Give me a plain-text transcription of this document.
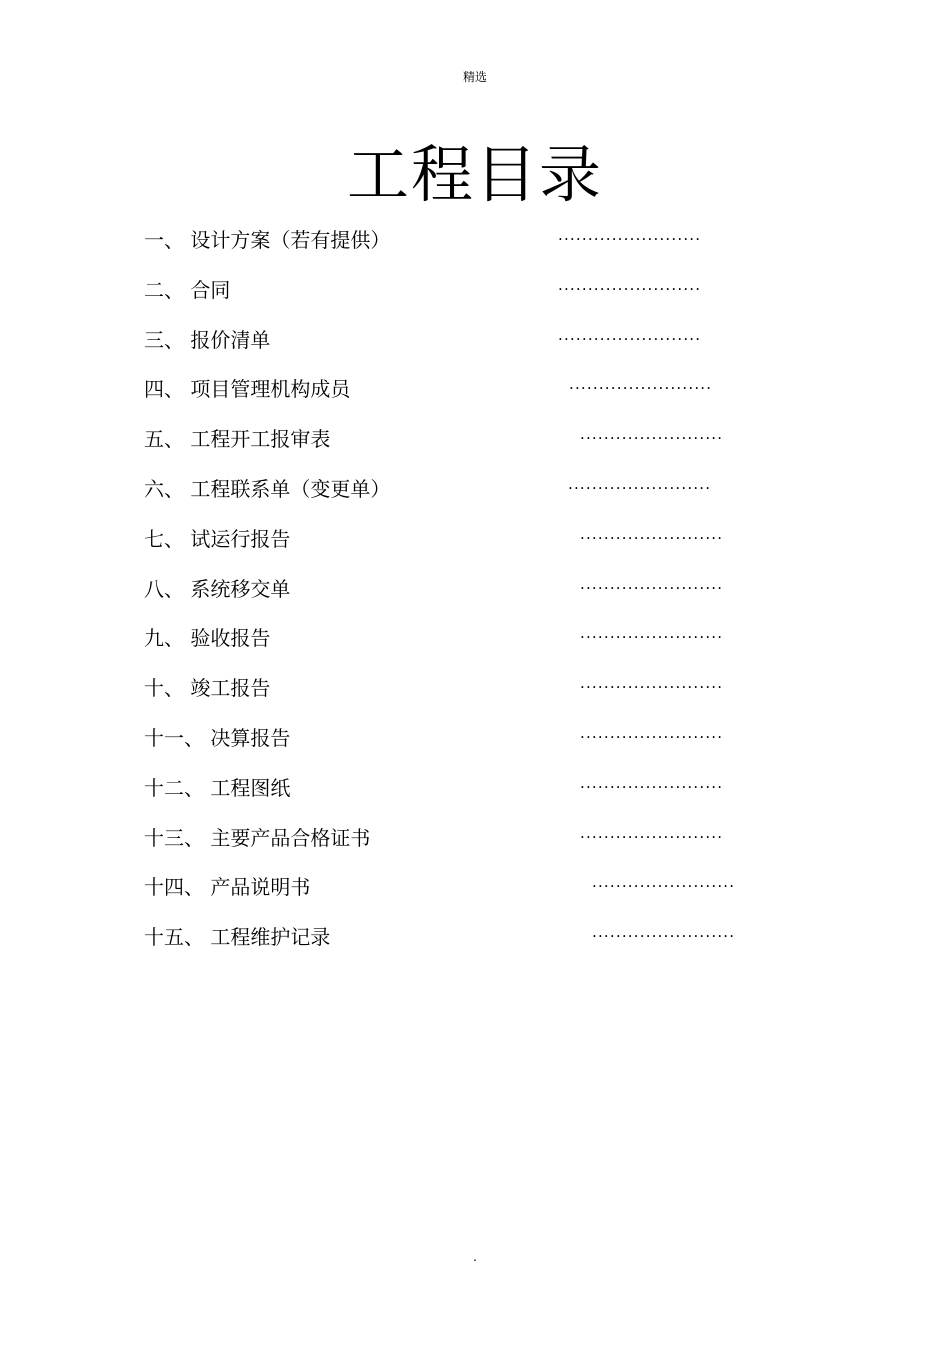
精选
工程目录
一、 设计方案（若有提供）	........................
二、 合同	........................
三、 报价清单	........................
四、 项目管理机构成员	........................
五、 工程开工报审表	........................
六、 工程联系单（变更单）	........................
七、 试运行报告	........................
八、 系统移交单	........................
九、 验收报告	........................
十、 竣工报告	........................
十一、 决算报告	........................
十二、 工程图纸	........................
十三、 主要产品合格证书	........................
十四、 产品说明书	........................
十五、 工程维护记录	........................
.
